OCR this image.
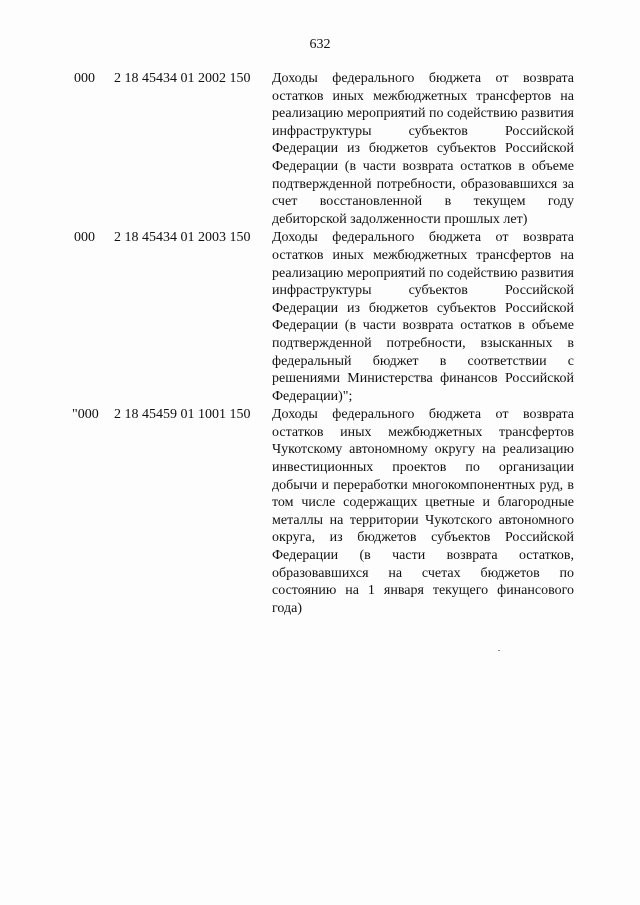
632
000	2 18 45434 01 2002 150	Доходы федерального бюджета от возврата остатков иных межбюджетных трансфертов на реализацию мероприятий по содействию развития инфраструктуры субъектов Российской Федерации из бюджетов субъектов Российской Федерации (в части возврата остатков в объеме подтвержденной потребности, образовавшихся за счет восстановленной в текущем году дебиторской задолженности прошлых лет)
000	2 18 45434 01 2003 150	Доходы федерального бюджета от возврата остатков иных межбюджетных трансфертов на реализацию мероприятий по содействию развития инфраструктуры субъектов Российской Федерации из бюджетов субъектов Российской Федерации (в части возврата остатков в объеме подтвержденной потребности, взысканных в федеральный бюджет в соответствии с решениями Министерства финансов Российской Федерации)";
"000	2 18 45459 01 1001 150	Доходы федерального бюджета от возврата остатков иных межбюджетных трансфертов Чукотскому автономному округу на реализацию инвестиционных проектов по организации добычи и переработки многокомпонентных руд, в том числе содержащих цветные и благородные металлы на территории Чукотского автономного округа, из бюджетов субъектов Российской Федерации (в части возврата остатков, образовавшихся на счетах бюджетов по состоянию на 1 января текущего финансового года)
